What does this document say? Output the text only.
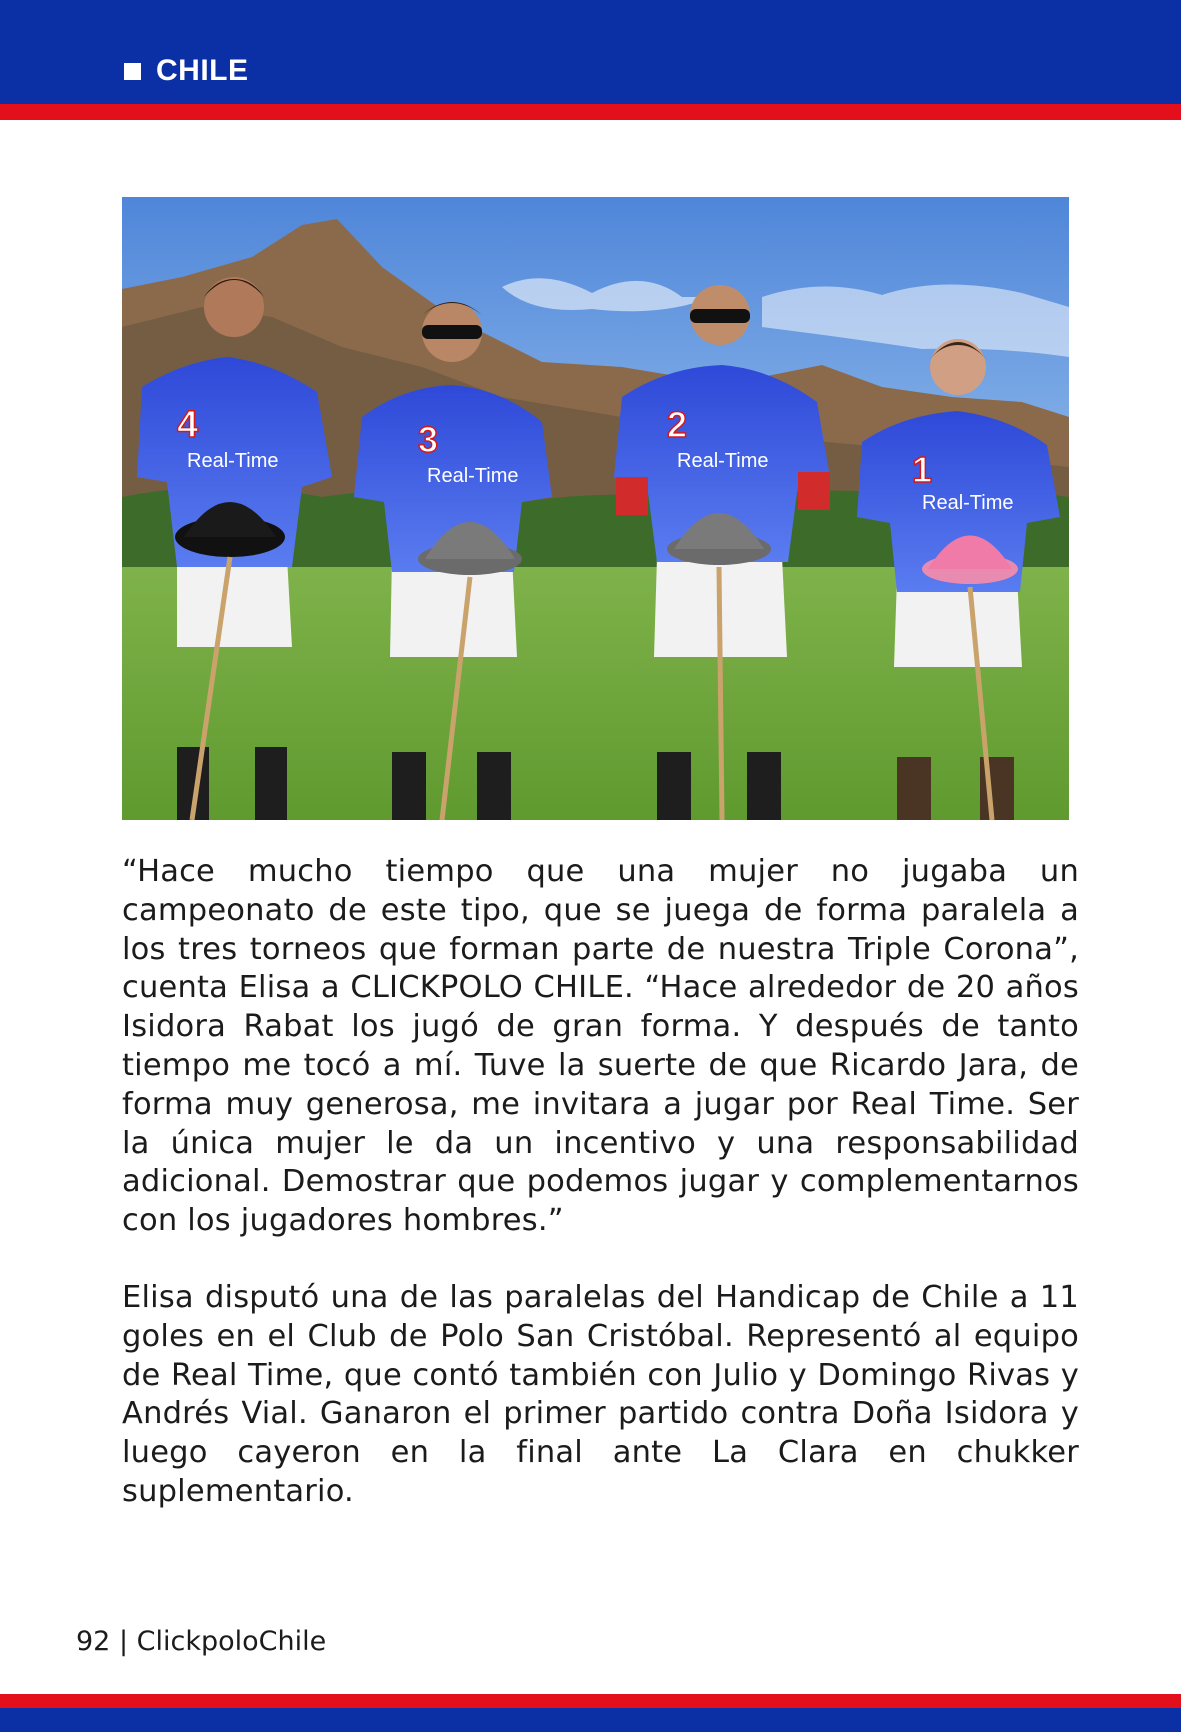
CHILE
4
Real-Time
3
Real-Time
2
Real-Time	1
Real-Time

“Hace mucho tiempo que una mujer no jugaba un campeonato de este tipo, que se juega de forma paralela a los tres torneos que forman parte de nuestra Triple Corona”, cuenta Elisa a CLICKPOLO CHILE. “Hace alrededor de 20 años Isidora Rabat los jugó de gran forma. Y después de tanto tiempo me tocó a mí. Tuve la suerte de que Ricardo Jara, de forma muy generosa, me invitara a jugar por Real Time. Ser la única mujer le da un incentivo y una responsabilidad adicional. Demostrar que podemos jugar y complementarnos con los jugadores hombres.”

Elisa disputó una de las paralelas del Handicap de Chile a 11 goles en el Club de Polo San Cristóbal. Representó al equipo de Real Time, que contó también con Julio y Domingo Rivas y Andrés Vial. Ganaron el primer partido contra Doña Isidora y luego cayeron en la final ante La Clara en chukker suplementario.

92 | ClickpoloChile
